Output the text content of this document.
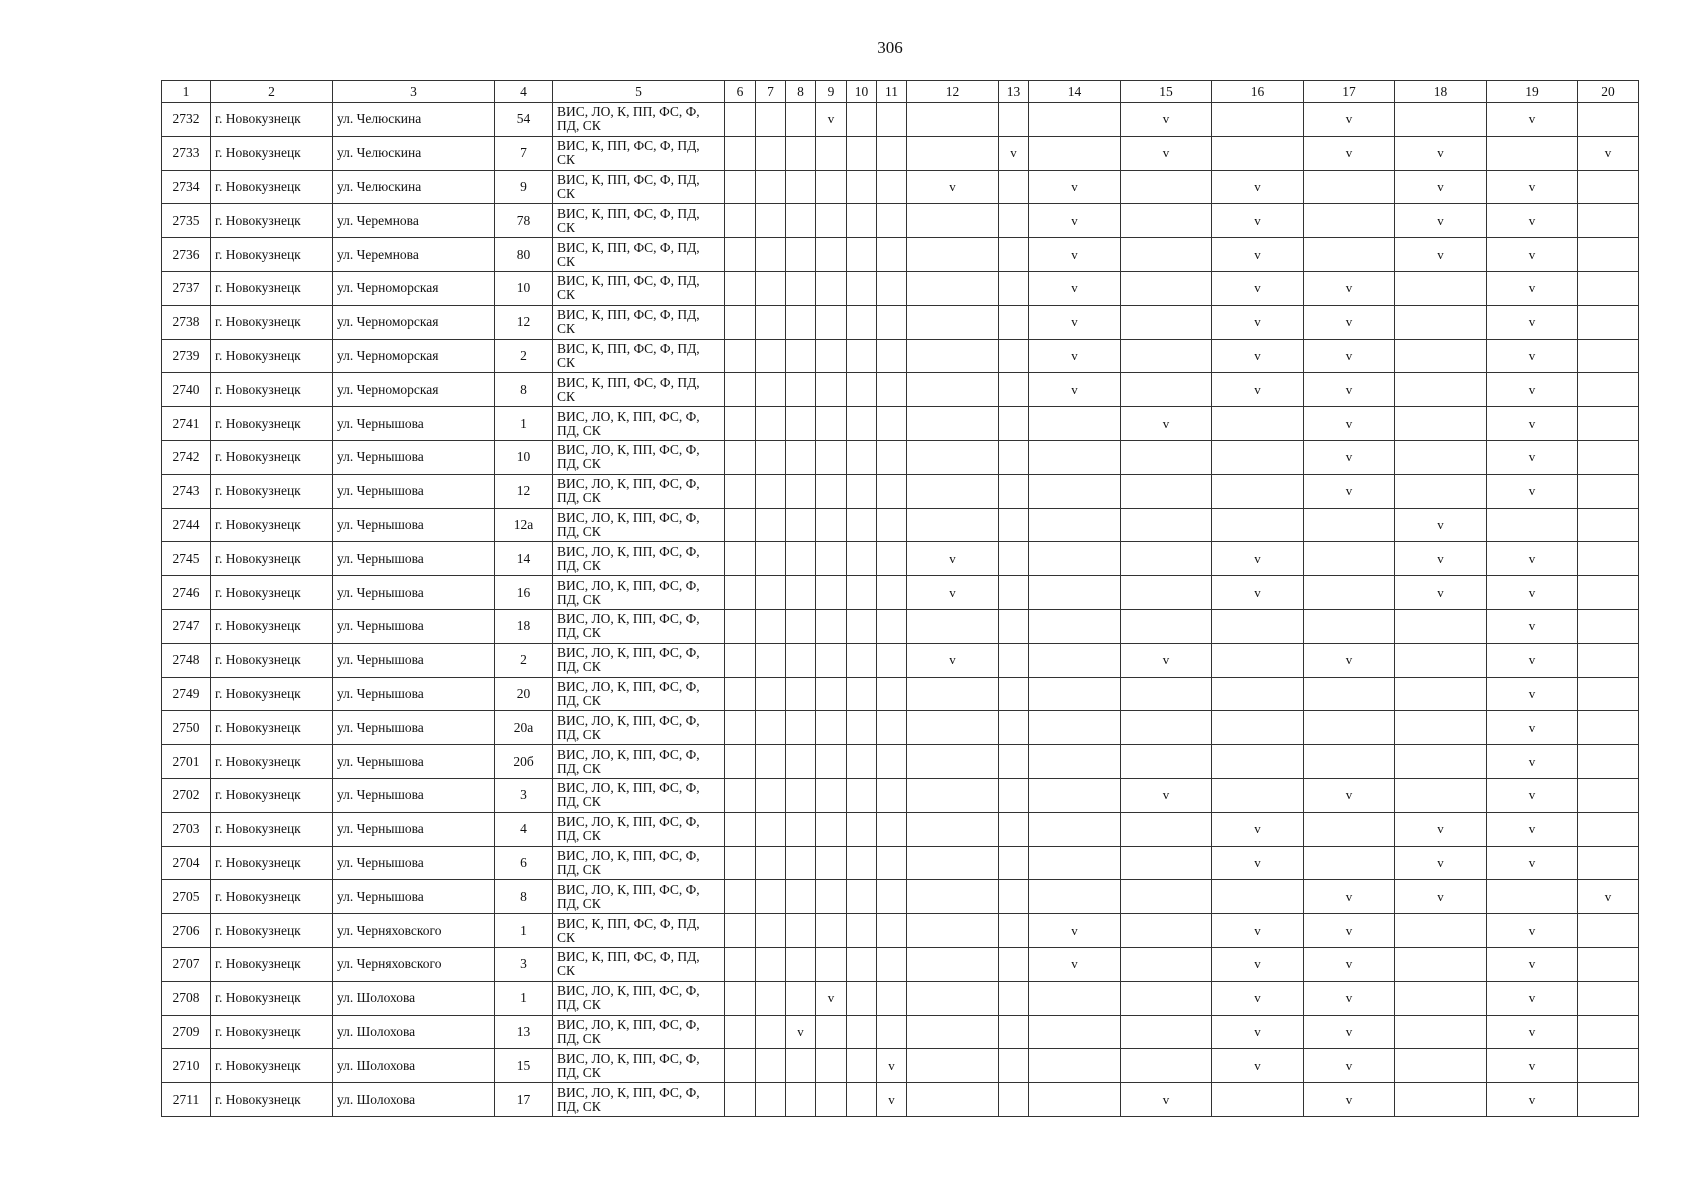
306
1	2	3	4	5	6	7	8	9	10	11	12	13	14	15	16	17	18	19	20
2732	г. Новокузнецк	ул. Челюскина	54	ВИС, ЛО, К, ПП, ФС, Ф, ПД, СК				v						v		v		v	
2733	г. Новокузнецк	ул. Челюскина	7	ВИС, К, ПП, ФС, Ф, ПД, СК								v		v		v	v		v
2734	г. Новокузнецк	ул. Челюскина	9	ВИС, К, ПП, ФС, Ф, ПД, СК							v		v		v		v	v	
2735	г. Новокузнецк	ул. Черемнова	78	ВИС, К, ПП, ФС, Ф, ПД, СК									v		v		v	v	
2736	г. Новокузнецк	ул. Черемнова	80	ВИС, К, ПП, ФС, Ф, ПД, СК									v		v		v	v	
2737	г. Новокузнецк	ул. Черноморская	10	ВИС, К, ПП, ФС, Ф, ПД, СК									v		v	v		v	
2738	г. Новокузнецк	ул. Черноморская	12	ВИС, К, ПП, ФС, Ф, ПД, СК									v		v	v		v	
2739	г. Новокузнецк	ул. Черноморская	2	ВИС, К, ПП, ФС, Ф, ПД, СК									v		v	v		v	
2740	г. Новокузнецк	ул. Черноморская	8	ВИС, К, ПП, ФС, Ф, ПД, СК									v		v	v		v	
2741	г. Новокузнецк	ул. Чернышова	1	ВИС, ЛО, К, ПП, ФС, Ф, ПД, СК										v		v		v	
2742	г. Новокузнецк	ул. Чернышова	10	ВИС, ЛО, К, ПП, ФС, Ф, ПД, СК												v		v	
2743	г. Новокузнецк	ул. Чернышова	12	ВИС, ЛО, К, ПП, ФС, Ф, ПД, СК												v		v	
2744	г. Новокузнецк	ул. Чернышова	12а	ВИС, ЛО, К, ПП, ФС, Ф, ПД, СК													v		
2745	г. Новокузнецк	ул. Чернышова	14	ВИС, ЛО, К, ПП, ФС, Ф, ПД, СК							v				v		v	v	
2746	г. Новокузнецк	ул. Чернышова	16	ВИС, ЛО, К, ПП, ФС, Ф, ПД, СК							v				v		v	v	
2747	г. Новокузнецк	ул. Чернышова	18	ВИС, ЛО, К, ПП, ФС, Ф, ПД, СК														v	
2748	г. Новокузнецк	ул. Чернышова	2	ВИС, ЛО, К, ПП, ФС, Ф, ПД, СК							v			v		v		v	
2749	г. Новокузнецк	ул. Чернышова	20	ВИС, ЛО, К, ПП, ФС, Ф, ПД, СК														v	
2750	г. Новокузнецк	ул. Чернышова	20а	ВИС, ЛО, К, ПП, ФС, Ф, ПД, СК														v	
2701	г. Новокузнецк	ул. Чернышова	20б	ВИС, ЛО, К, ПП, ФС, Ф, ПД, СК														v	
2702	г. Новокузнецк	ул. Чернышова	3	ВИС, ЛО, К, ПП, ФС, Ф, ПД, СК										v		v		v	
2703	г. Новокузнецк	ул. Чернышова	4	ВИС, ЛО, К, ПП, ФС, Ф, ПД, СК											v		v	v	
2704	г. Новокузнецк	ул. Чернышова	6	ВИС, ЛО, К, ПП, ФС, Ф, ПД, СК											v		v	v	
2705	г. Новокузнецк	ул. Чернышова	8	ВИС, ЛО, К, ПП, ФС, Ф, ПД, СК												v	v		v
2706	г. Новокузнецк	ул. Черняховского	1	ВИС, К, ПП, ФС, Ф, ПД, СК									v		v	v		v	
2707	г. Новокузнецк	ул. Черняховского	3	ВИС, К, ПП, ФС, Ф, ПД, СК									v		v	v		v	
2708	г. Новокузнецк	ул. Шолохова	1	ВИС, ЛО, К, ПП, ФС, Ф, ПД, СК				v							v	v		v	
2709	г. Новокузнецк	ул. Шолохова	13	ВИС, ЛО, К, ПП, ФС, Ф, ПД, СК			v								v	v		v	
2710	г. Новокузнецк	ул. Шолохова	15	ВИС, ЛО, К, ПП, ФС, Ф, ПД, СК						v					v	v		v	
2711	г. Новокузнецк	ул. Шолохова	17	ВИС, ЛО, К, ПП, ФС, Ф, ПД, СК						v				v		v		v	
